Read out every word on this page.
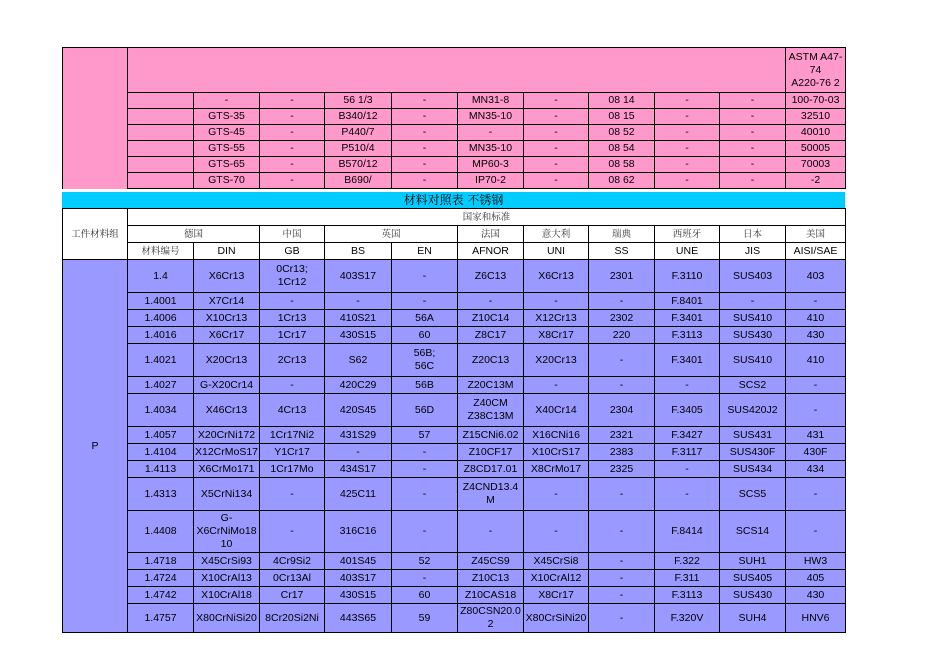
											ASTM A47-
74
A220-76 2
		-	-	56 1/3	-	MN31-8	-	08 14	-	-	100-70-03
		GTS-35	-	B340/12	-	MN35-10	-	08 15	-	-	32510
		GTS-45	-	P440/7	-	-	-	08 52	-	-	40010
		GTS-55	-	P510/4	-	MN35-10	-	08 54	-	-	50005
		GTS-65	-	B570/12	-	MP60-3	-	08 58	-	-	70003
		GTS-70	-	B690/	-	IP70-2	-	08 62	-	-	-2
材料对照表 不锈钢
工件材料组	国家和标准										
	德国		中国	英国		法国	意大利	瑞典	西班牙	日本	美国
	材料编号	DIN	GB	BS	EN	AFNOR	UNI	SS	UNE	JIS	AISI/SAE
P	1.4	X6Cr13	0Cr13;
1Cr12	403S17	-	Z6C13	X6Cr13	2301	F.3110	SUS403	403
	1.4001	X7Cr14	-	-	-	-	-	-	F.8401	-	-
	1.4006	X10Cr13	1Cr13	410S21	56A	Z10C14	X12Cr13	2302	F.3401	SUS410	410
	1.4016	X6Cr17	1Cr17	430S15	60	Z8C17	X8Cr17	220	F.3113	SUS430	430
	1.4021	X20Cr13	2Cr13	S62	56B;
56C	Z20C13	X20Cr13	-	F.3401	SUS410	410
	1.4027	G-X20Cr14	-	420C29	56B	Z20C13M	-	-	-	SCS2	-
	1.4034	X46Cr13	4Cr13	420S45	56D	Z40CM
Z38C13M	X40Cr14	2304	F.3405	SUS420J2	-
	1.4057	X20CrNi172	1Cr17Ni2	431S29	57	Z15CNi6.02	X16CNi16	2321	F.3427	SUS431	431
	1.4104	X12CrMoS17	Y1Cr17	-	-	Z10CF17	X10CrS17	2383	F.3117	SUS430F	430F
	1.4113	X6CrMo171	1Cr17Mo	434S17	-	Z8CD17.01	X8CrMo17	2325	-	SUS434	434
	1.4313	X5CrNi134	-	425C11	-	Z4CND13.4
M	-	-	-	SCS5	-
	1.4408	G-
X6CrNiMo18
10	-	316C16	-	-	-	-	F.8414	SCS14	-
	1.4718	X45CrSi93	4Cr9Si2	401S45	52	Z45CS9	X45CrSi8	-	F.322	SUH1	HW3
	1.4724	X10CrAl13	0Cr13Al	403S17	-	Z10C13	X10CrAl12	-	F.311	SUS405	405
	1.4742	X10CrAl18	Cr17	430S15	60	Z10CAS18	X8Cr17	-	F.3113	SUS430	430
	1.4757	X80CrNiSi20	8Cr20Si2Ni	443S65	59	Z80CSN20.0
2	X80CrSiNi20	-	F.320V	SUH4	HNV6
